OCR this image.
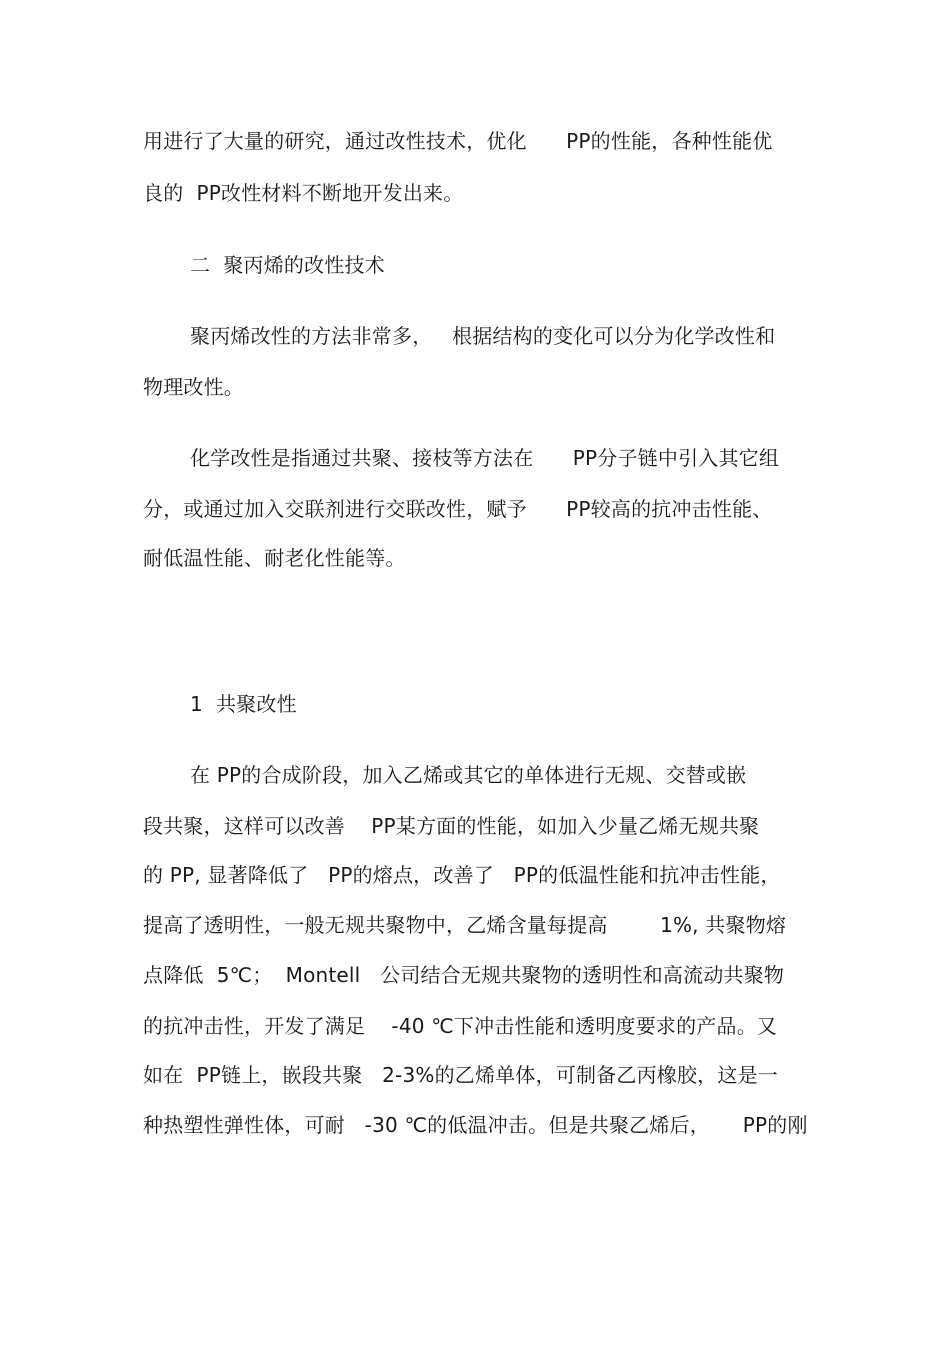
用进行了大量的研究，通过改性技术，优化      PP的性能，各种性能优
良的  PP改性材料不断地开发出来。
二  聚丙烯的改性技术
聚丙烯改性的方法非常多，   根据结构的变化可以分为化学改性和
物理改性。
化学改性是指通过共聚、接枝等方法在      PP分子链中引入其它组
分，或通过加入交联剂进行交联改性，赋予      PP较高的抗冲击性能、
耐低温性能、耐老化性能等。
1  共聚改性
在 PP的合成阶段，加入乙烯或其它的单体进行无规、交替或嵌
段共聚，这样可以改善    PP某方面的性能，如加入少量乙烯无规共聚
的 PP, 显著降低了   PP的熔点，改善了   PP的低温性能和抗冲击性能，
提高了透明性，一般无规共聚物中，乙烯含量每提高        1%, 共聚物熔
点降低  5℃；  Montell   公司结合无规共聚物的透明性和高流动共聚物
的抗冲击性，开发了满足    -40 ℃下冲击性能和透明度要求的产品。又
如在  PP链上，嵌段共聚   2-3%的乙烯单体，可制备乙丙橡胶，这是一
种热塑性弹性体，可耐   -30 ℃的低温冲击。但是共聚乙烯后，     PP的刚
